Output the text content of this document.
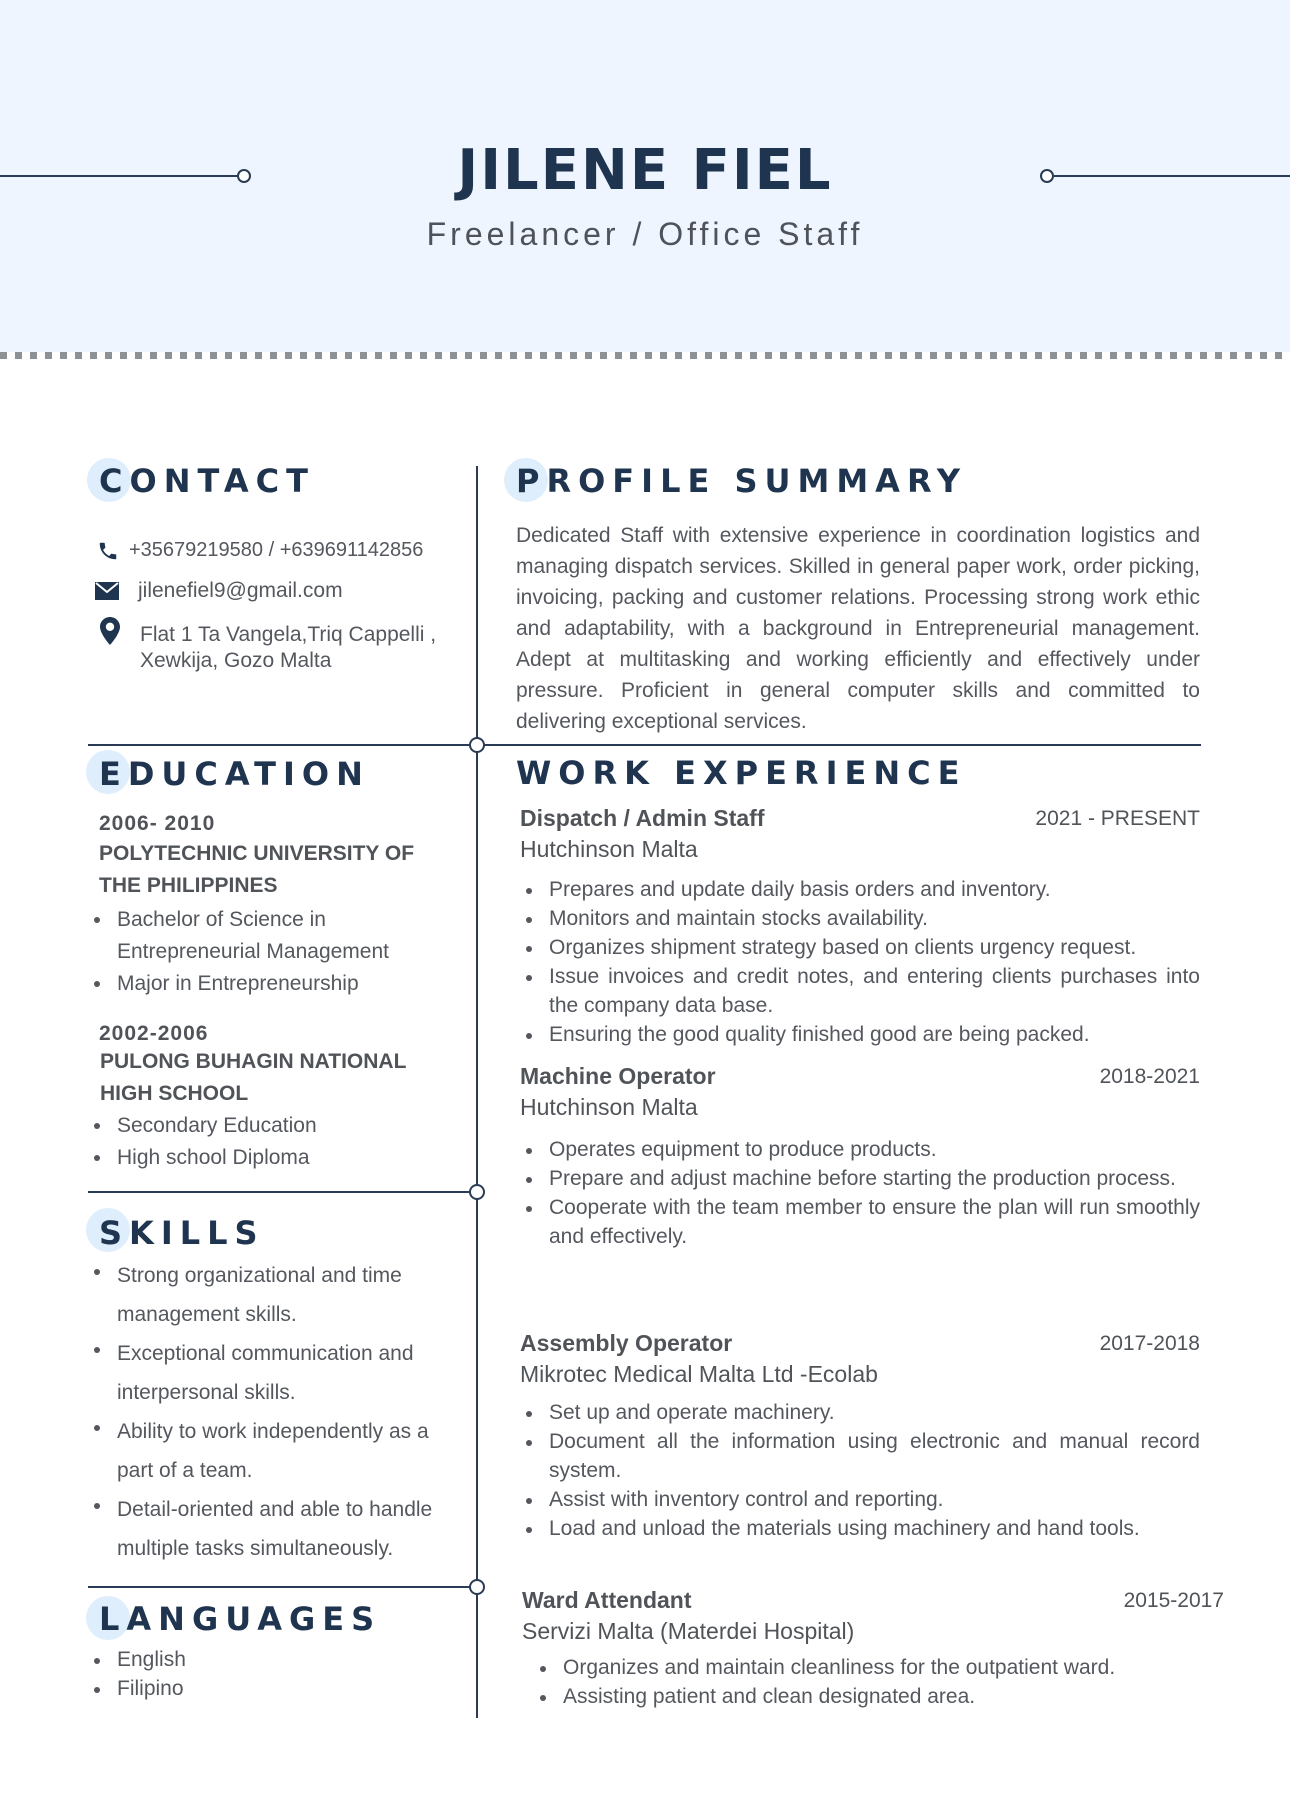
JILENE FIEL
Freelancer / Office Staff
CONTACT
+35679219580 / +639691142856
jilenefiel9@gmail.com
Flat 1 Ta Vangela,Triq Cappelli ,
Xewkija, Gozo Malta
PROFILE SUMMARY
Dedicated Staff with extensive experience in coordination logistics and managing dispatch services. Skilled in general paper work, order picking, invoicing, packing and customer relations. Processing strong work ethic and adaptability, with a background in Entrepreneurial management. Adept at multitasking and working efficiently and effectively under pressure. Proficient in general computer skills and committed to delivering exceptional services.
EDUCATION
2006- 2010
POLYTECHNIC UNIVERSITY OF
THE PHILIPPINES
Bachelor of Science in Entrepreneurial Management
Major in Entrepreneurship
2002-2006
PULONG BUHAGIN NATIONAL
HIGH SCHOOL
Secondary Education
High school Diploma
SKILLS
Strong organizational and time management skills.
Exceptional communication and interpersonal skills.
Ability to work independently as a part of a team.
Detail-oriented and able to handle multiple tasks simultaneously.
LANGUAGES
English
Filipino
WORK EXPERIENCE
Dispatch / Admin Staff	2021 - PRESENT
Hutchinson Malta
Prepares and update daily basis orders and inventory.
Monitors and maintain stocks availability.
Organizes shipment strategy based on clients urgency request.
Issue invoices and credit notes, and entering clients purchases into the company data base.
Ensuring the good quality finished good are being packed.
Machine Operator	2018-2021
Hutchinson Malta
Operates equipment to produce products.
Prepare and adjust machine before starting the production process.
Cooperate with the team member to ensure the plan will run smoothly and effectively.
Assembly Operator	2017-2018
Mikrotec Medical Malta Ltd -Ecolab
Set up and operate machinery.
Document all the information using electronic and manual record system.
Assist with inventory control and reporting.
Load and unload the materials using machinery and hand tools.
Ward Attendant	2015-2017
Servizi Malta (Materdei Hospital)
Organizes and maintain cleanliness for the outpatient ward.
Assisting patient and clean designated area.
